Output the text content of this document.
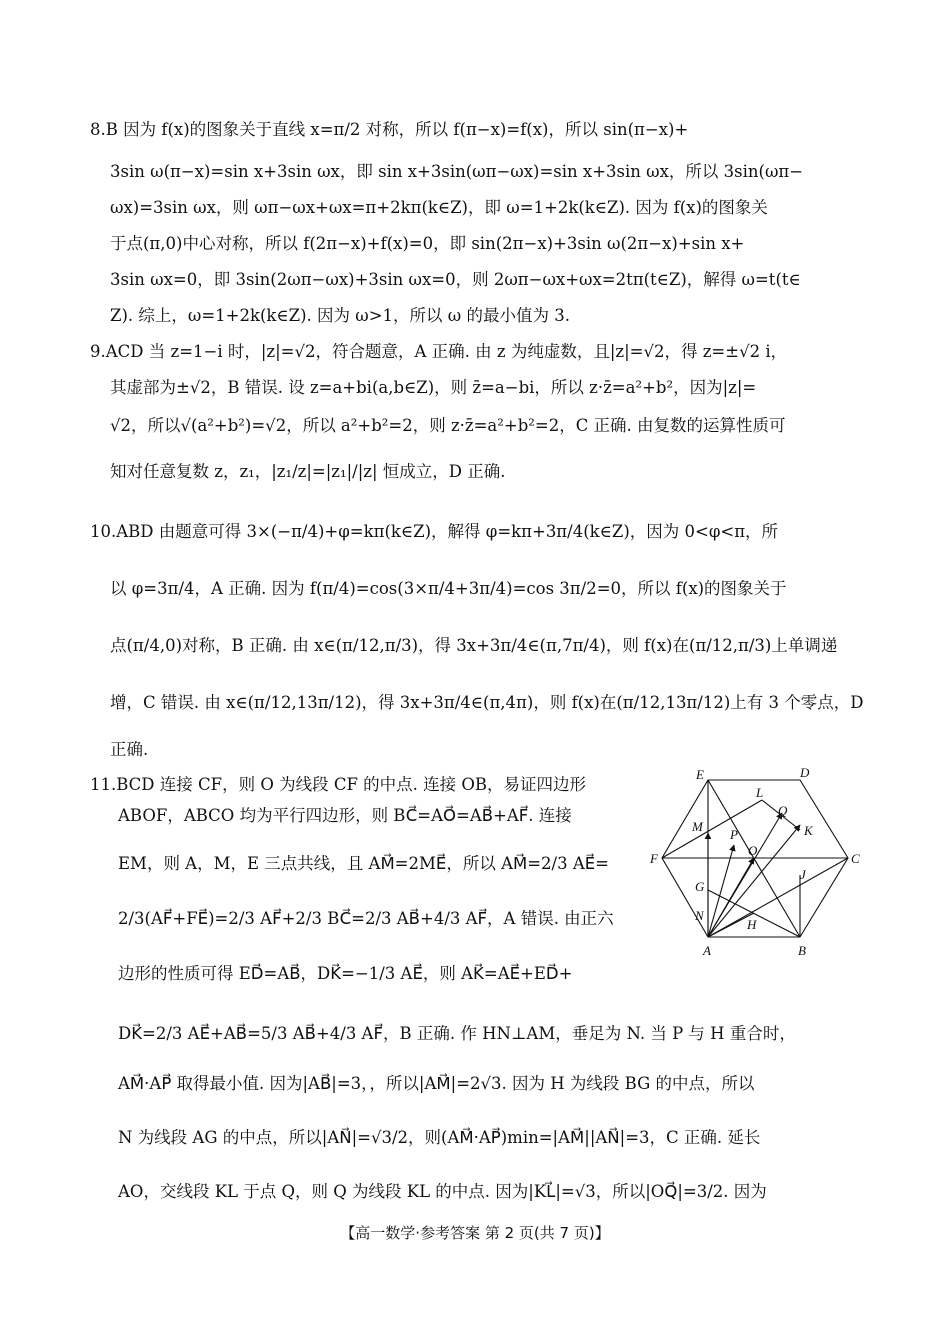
8.B 因为 f(x)的图象关于直线 x=π/2 对称，所以 f(π−x)=f(x)，所以 sin(π−x)+
3sin ω(π−x)=sin x+3sin ωx，即 sin x+3sin(ωπ−ωx)=sin x+3sin ωx，所以 3sin(ωπ−
ωx)=3sin ωx，则 ωπ−ωx+ωx=π+2kπ(k∈Z)，即 ω=1+2k(k∈Z). 因为 f(x)的图象关
于点(π,0)中心对称，所以 f(2π−x)+f(x)=0，即 sin(2π−x)+3sin ω(2π−x)+sin x+
3sin ωx=0，即 3sin(2ωπ−ωx)+3sin ωx=0，则 2ωπ−ωx+ωx=2tπ(t∈Z)，解得 ω=t(t∈
Z). 综上，ω=1+2k(k∈Z). 因为 ω>1，所以 ω 的最小值为 3.
9.ACD 当 z=1−i 时，|z|=√2，符合题意，A 正确. 由 z 为纯虚数，且|z|=√2，得 z=±√2 i，
其虚部为±√2，B 错误. 设 z=a+bi(a,b∈Z)，则 z̄=a−bi，所以 z·z̄=a²+b²，因为|z|=
√2，所以√(a²+b²)=√2，所以 a²+b²=2，则 z·z̄=a²+b²=2，C 正确. 由复数的运算性质可
知对任意复数 z，z₁，|z₁/z|=|z₁|/|z| 恒成立，D 正确.
10.ABD 由题意可得 3×(−π/4)+φ=kπ(k∈Z)，解得 φ=kπ+3π/4(k∈Z)，因为 0<φ<π，所
以 φ=3π/4，A 正确. 因为 f(π/4)=cos(3×π/4+3π/4)=cos 3π/2=0，所以 f(x)的图象关于
点(π/4,0)对称，B 正确. 由 x∈(π/12,π/3)，得 3x+3π/4∈(π,7π/4)，则 f(x)在(π/12,π/3)上单调递
增，C 错误. 由 x∈(π/12,13π/12)，得 3x+3π/4∈(π,4π)，则 f(x)在(π/12,13π/12)上有 3 个零点，D
正确.
11.BCD 连接 CF，则 O 为线段 CF 的中点. 连接 OB，易证四边形
ABOF，ABCO 均为平行四边形，则 BC⃗=AO⃗=AB⃗+AF⃗. 连接
EM，则 A，M，E 三点共线，且 AM⃗=2ME⃗，所以 AM⃗=2/3 AE⃗=
2/3(AF⃗+FE⃗)=2/3 AF⃗+2/3 BC⃗=2/3 AB⃗+4/3 AF⃗，A 错误. 由正六
边形的性质可得 ED⃗=AB⃗，DK⃗=−1/3 AE⃗，则 AK⃗=AE⃗+ED⃗+
DK⃗=2/3 AE⃗+AB⃗=5/3 AB⃗+4/3 AF⃗，B 正确. 作 HN⊥AM，垂足为 N. 当 P 与 H 重合时，
AM⃗·AP⃗ 取得最小值. 因为|AB⃗|=3，，所以|AM⃗|=2√3. 因为 H 为线段 BG 的中点，所以
N 为线段 AG 的中点，所以|AN⃗|=√3/2，则(AM⃗·AP⃗)min=|AM⃗||AN⃗|=3，C 正确. 延长
AO，交线段 KL 于点 Q，则 Q 为线段 KL 的中点. 因为|KL⃗|=√3，所以|OQ⃗|=3/2. 因为
E	D
L
Q
M	K
P
O
F	C
G
J
N
H
A	B
【高一数学·参考答案 第 2 页(共 7 页)】
